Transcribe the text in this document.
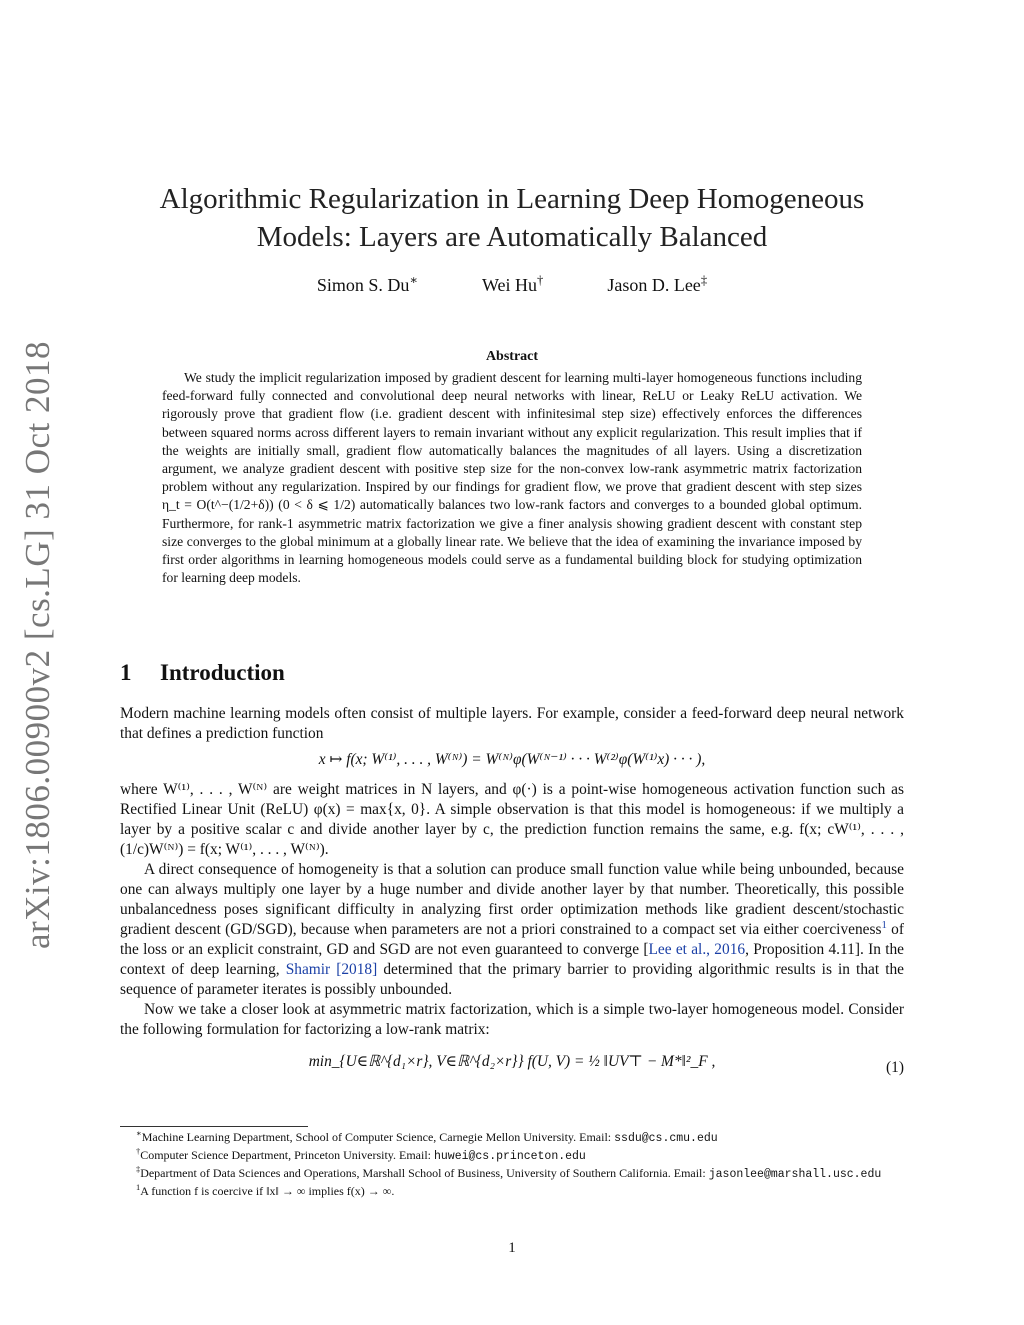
arXiv:1806.00900v2 [cs.LG] 31 Oct 2018
Algorithmic Regularization in Learning Deep Homogeneous
Models: Layers are Automatically Balanced
Simon S. Du∗	Wei Hu†	Jason D. Lee‡
Abstract

We study the implicit regularization imposed by gradient descent for learning multi-layer homogeneous functions including feed-forward fully connected and convolutional deep neural networks with linear, ReLU or Leaky ReLU activation. We rigorously prove that gradient flow (i.e. gradient descent with infinitesimal step size) effectively enforces the differences between squared norms across different layers to remain invariant without any explicit regularization. This result implies that if the weights are initially small, gradient flow automatically balances the magnitudes of all layers. Using a discretization argument, we analyze gradient descent with positive step size for the non-convex low-rank asymmetric matrix factorization problem without any regularization. Inspired by our findings for gradient flow, we prove that gradient descent with step sizes η_t = O(t^−(1/2+δ)) (0 < δ ⩽ 1/2) automatically balances two low-rank factors and converges to a bounded global optimum. Furthermore, for rank-1 asymmetric matrix factorization we give a finer analysis showing gradient descent with constant step size converges to the global minimum at a globally linear rate. We believe that the idea of examining the invariance imposed by first order algorithms in learning homogeneous models could serve as a fundamental building block for studying optimization for learning deep models.

1 Introduction

Modern machine learning models often consist of multiple layers. For example, consider a feed-forward deep neural network that defines a prediction function

x ↦ f(x; W⁽¹⁾, . . . , W⁽ᴺ⁾) = W⁽ᴺ⁾φ(W⁽ᴺ⁻¹⁾ · · · W⁽²⁾φ(W⁽¹⁾x) · · · ),

where W⁽¹⁾, . . . , W⁽ᴺ⁾ are weight matrices in N layers, and φ(·) is a point-wise homogeneous activation function such as Rectified Linear Unit (ReLU) φ(x) = max{x, 0}. A simple observation is that this model is homogeneous: if we multiply a layer by a positive scalar c and divide another layer by c, the prediction function remains the same, e.g. f(x; cW⁽¹⁾, . . . , (1/c)W⁽ᴺ⁾) = f(x; W⁽¹⁾, . . . , W⁽ᴺ⁾).

A direct consequence of homogeneity is that a solution can produce small function value while being unbounded, because one can always multiply one layer by a huge number and divide another layer by that number. Theoretically, this possible unbalancedness poses significant difficulty in analyzing first order optimization methods like gradient descent/stochastic gradient descent (GD/SGD), because when parameters are not a priori constrained to a compact set via either coerciveness$^1$ of the loss or an explicit constraint, GD and SGD are not even guaranteed to converge [Lee et al., 2016, Proposition 4.11]. In the context of deep learning, Shamir [2018] determined that the primary barrier to providing algorithmic results is in that the sequence of parameter iterates is possibly unbounded.

Now we take a closer look at asymmetric matrix factorization, which is a simple two-layer homogeneous model. Consider the following formulation for factorizing a low-rank matrix:

min_{U∈ℝ^{d₁×r}, V∈ℝ^{d₂×r}} f(U, V) = ½ ‖UV⊤ − M*‖²_F ,	(1)

∗Machine Learning Department, School of Computer Science, Carnegie Mellon University. Email: ssdu@cs.cmu.edu

†Computer Science Department, Princeton University. Email: huwei@cs.princeton.edu

‡Department of Data Sciences and Operations, Marshall School of Business, University of Southern California. Email: jasonlee@marshall.usc.edu

$^1$A function f is coercive if ‖x‖ → ∞ implies f(x) → ∞.

1
